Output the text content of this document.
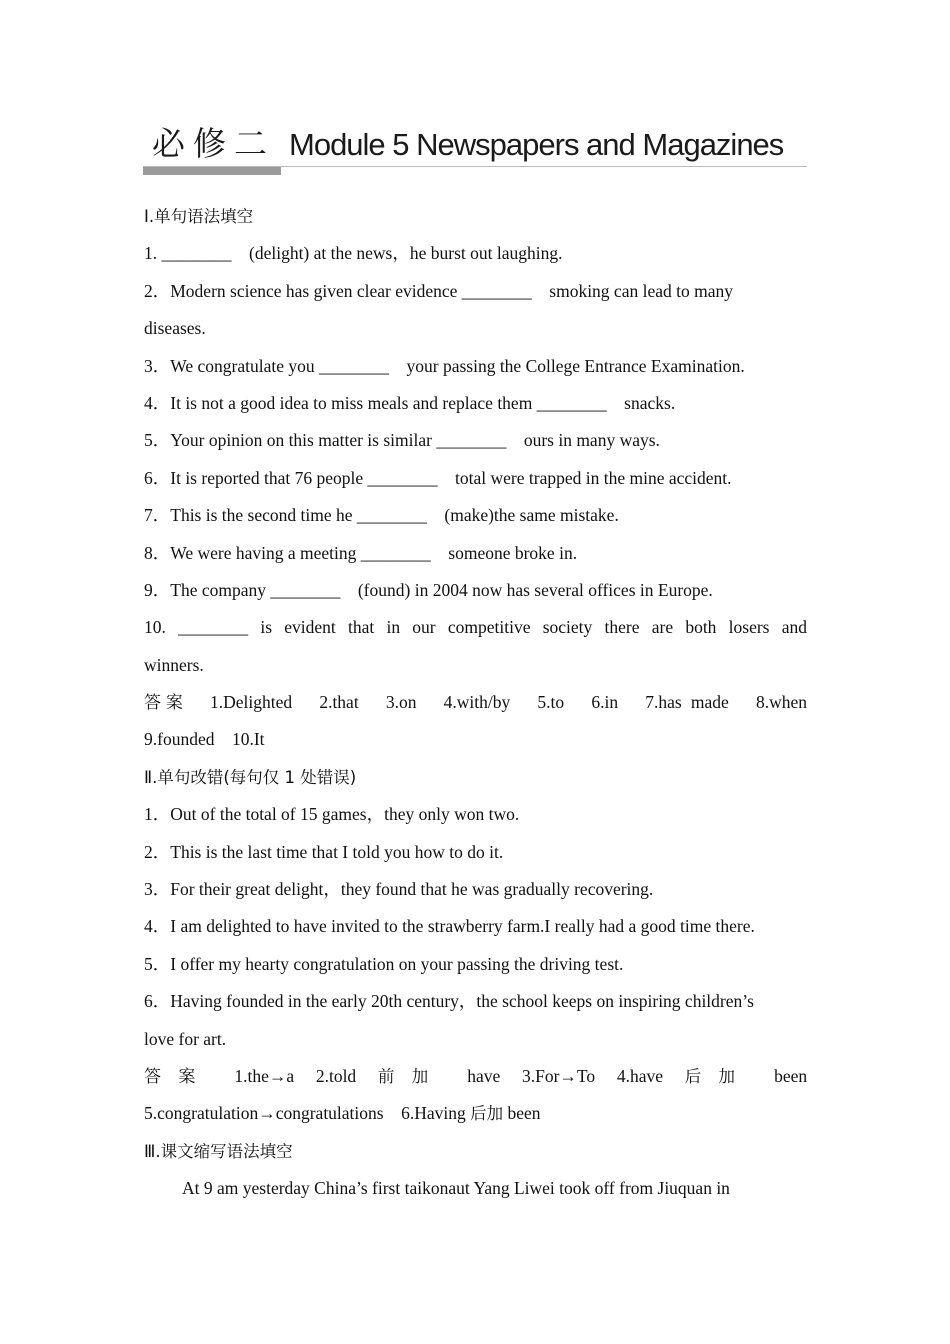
必修二 Module 5 Newspapers and Magazines
Ⅰ.单句语法填空
1. ________　(delight) at the news，he burst out laughing.
2．Modern science has given clear evidence ________　smoking can lead to many
diseases.
3．We congratulate you ________　your passing the College Entrance Examination.
4．It is not a good idea to miss meals and replace them ________　snacks.
5．Your opinion on this matter is similar ________　ours in many ways.
6．It is reported that 76 people ________　total were trapped in the mine accident.
7．This is the second time he ________　(make)the same mistake.
8．We were having a meeting ________　someone broke in.
9．The company ________　(found) in 2004 now has several offices in Europe.
10. ________ is evident that in our competitive society there are both losers and
winners.
答案　 1.Delighted　2.that　3.on　4.with/by　5.to　6.in　7.has made　8.when
9.founded　10.It
Ⅱ.单句改错(每句仅 1 处错误)
1．Out of the total of 15 games，they only won two.
2．This is the last time that I told you how to do it.
3．For their great delight，they found that he was gradually recovering.
4．I am delighted to have invited to the strawberry farm.I really had a good time there.
5．I offer my hearty congratulation on your passing the driving test.
6．Having founded in the early 20th century，the school keeps on inspiring children’s
love for art.
答案 1.the→a 2.told 前加 have 3.For→To 4.have 后加 been
5.congratulation→congratulations　6.Having 后加 been
Ⅲ.课文缩写语法填空
At 9 am yesterday China’s first taikonaut Yang Liwei took off from Jiuquan in
